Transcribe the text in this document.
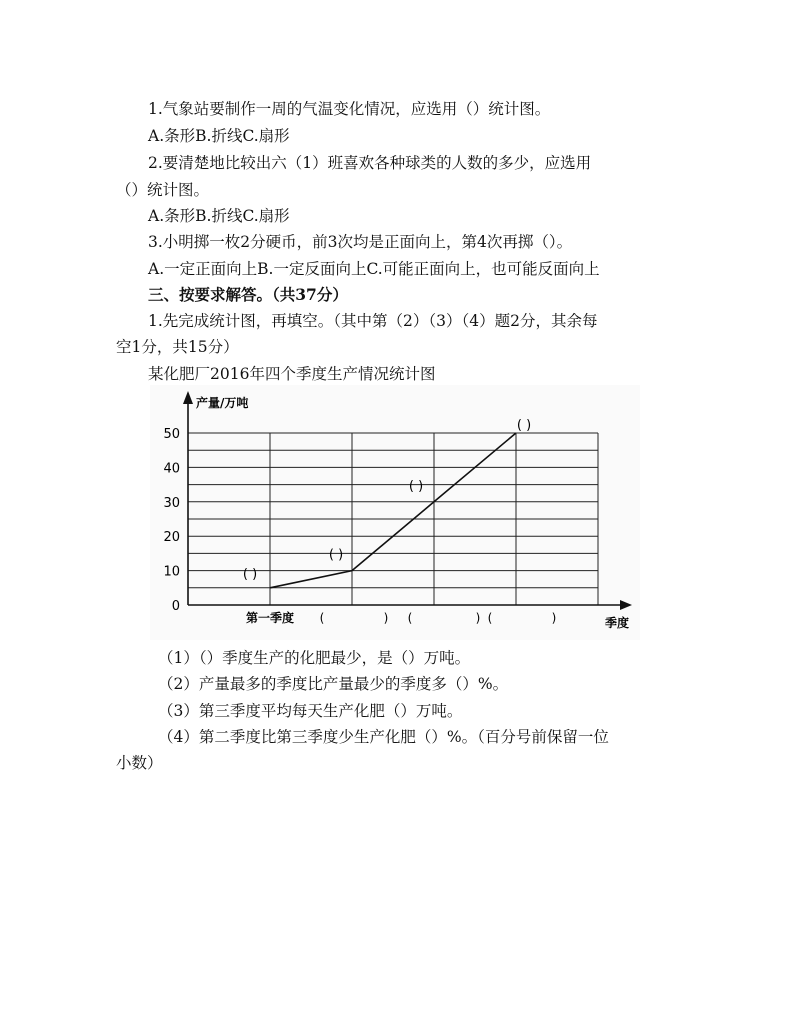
1.气象站要制作一周的气温变化情况，应选用（）统计图。
A.条形B.折线C.扇形
2.要清楚地比较出六（1）班喜欢各种球类的人数的多少，应选用
（）统计图。
A.条形B.折线C.扇形
3.小明掷一枚2分硬币，前3次均是正面向上，第4次再掷（）。
A.一定正面向上B.一定反面向上C.可能正面向上，也可能反面向上
三、按要求解答。（共37分）
1.先完成统计图，再填空。（其中第（2）（3）（4）题2分，其余每
空1分，共15分）
某化肥厂2016年四个季度生产情况统计图
0
10
20
30
40
50
产量/万吨
季度
第一季度 (	) (	) (	)
( )
( )
( )
( )
（1）（）季度生产的化肥最少，是（）万吨。
（2）产量最多的季度比产量最少的季度多（）%。
（3）第三季度平均每天生产化肥（）万吨。
（4）第二季度比第三季度少生产化肥（）%。（百分号前保留一位
小数）
